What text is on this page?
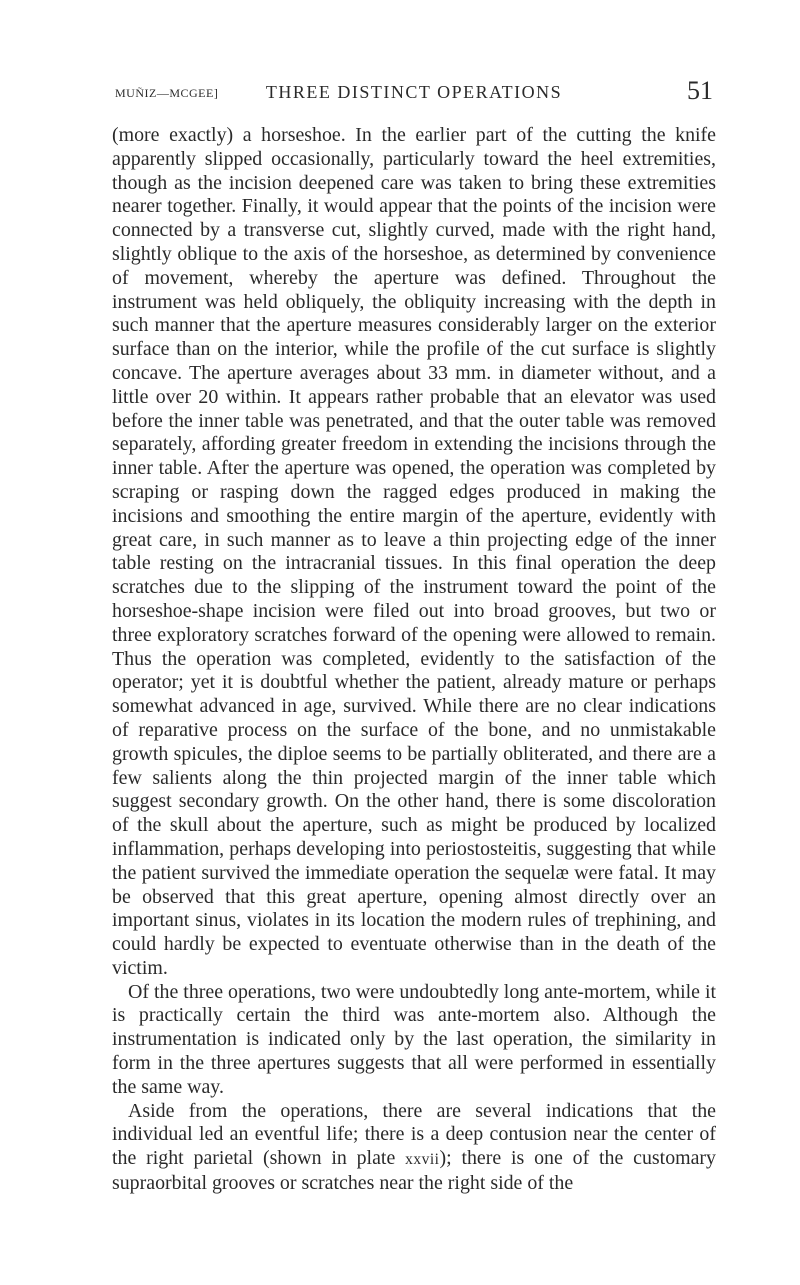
MUÑIZ—MCGEE]	THREE DISTINCT OPERATIONS	51

(more exactly) a horseshoe. In the earlier part of the cutting the knife apparently slipped occasionally, particularly toward the heel extremities, though as the incision deepened care was taken to bring these extremities nearer together. Finally, it would appear that the points of the incision were connected by a transverse cut, slightly curved, made with the right hand, slightly oblique to the axis of the horseshoe, as determined by convenience of movement, whereby the aperture was defined. Throughout the instrument was held obliquely, the obliquity increasing with the depth in such manner that the aperture measures considerably larger on the exterior surface than on the interior, while the profile of the cut surface is slightly concave. The aperture averages about 33 mm. in diameter without, and a little over 20 within. It appears rather probable that an elevator was used before the inner table was penetrated, and that the outer table was removed separately, affording greater freedom in extending the incisions through the inner table. After the aperture was opened, the operation was completed by scraping or rasping down the ragged edges produced in making the incisions and smoothing the entire margin of the aperture, evidently with great care, in such manner as to leave a thin projecting edge of the inner table resting on the intracranial tissues. In this final operation the deep scratches due to the slipping of the instrument toward the point of the horseshoe-shape incision were filed out into broad grooves, but two or three exploratory scratches forward of the opening were allowed to remain. Thus the operation was completed, evidently to the satisfaction of the operator; yet it is doubtful whether the patient, already mature or perhaps somewhat advanced in age, survived. While there are no clear indications of reparative process on the surface of the bone, and no unmistakable growth spicules, the diploe seems to be partially obliterated, and there are a few salients along the thin projected margin of the inner table which suggest secondary growth. On the other hand, there is some discoloration of the skull about the aperture, such as might be produced by localized inflammation, perhaps developing into periostosteitis, suggesting that while the patient survived the immediate operation the sequelæ were fatal. It may be observed that this great aperture, opening almost directly over an important sinus, violates in its location the modern rules of trephining, and could hardly be expected to eventuate otherwise than in the death of the victim.

Of the three operations, two were undoubtedly long ante-mortem, while it is practically certain the third was ante-mortem also. Although the instrumentation is indicated only by the last operation, the similarity in form in the three apertures suggests that all were performed in essentially the same way.

Aside from the operations, there are several indications that the individual led an eventful life; there is a deep contusion near the center of the right parietal (shown in plate xxvii); there is one of the customary supraorbital grooves or scratches near the right side of the
